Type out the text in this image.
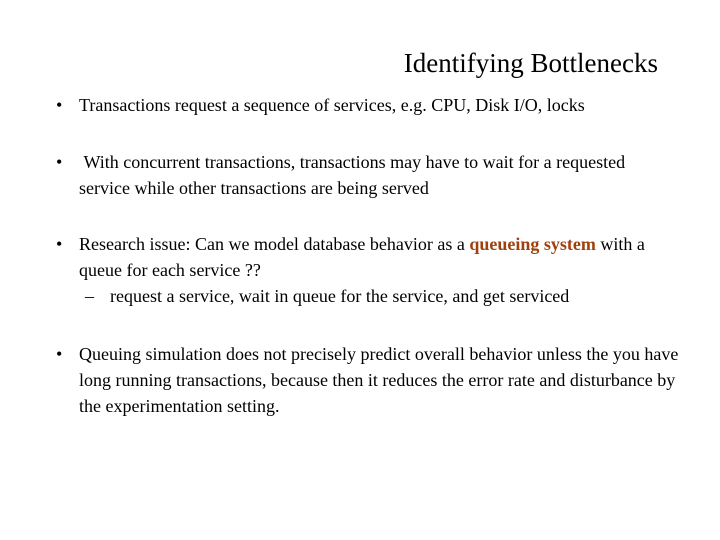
Identifying Bottlenecks
• Transactions request a sequence of services, e.g. CPU, Disk I/O, locks
• With concurrent transactions, transactions may have to wait for a requested service while other transactions are being served
• Research issue: Can we model database behavior as a queueing system with a queue for each service ??
– request a service, wait in queue for the service, and get serviced
• Queuing simulation does not precisely predict overall behavior unless the you have long running transactions, because then it reduces the error rate and disturbance by the experimentation setting.
